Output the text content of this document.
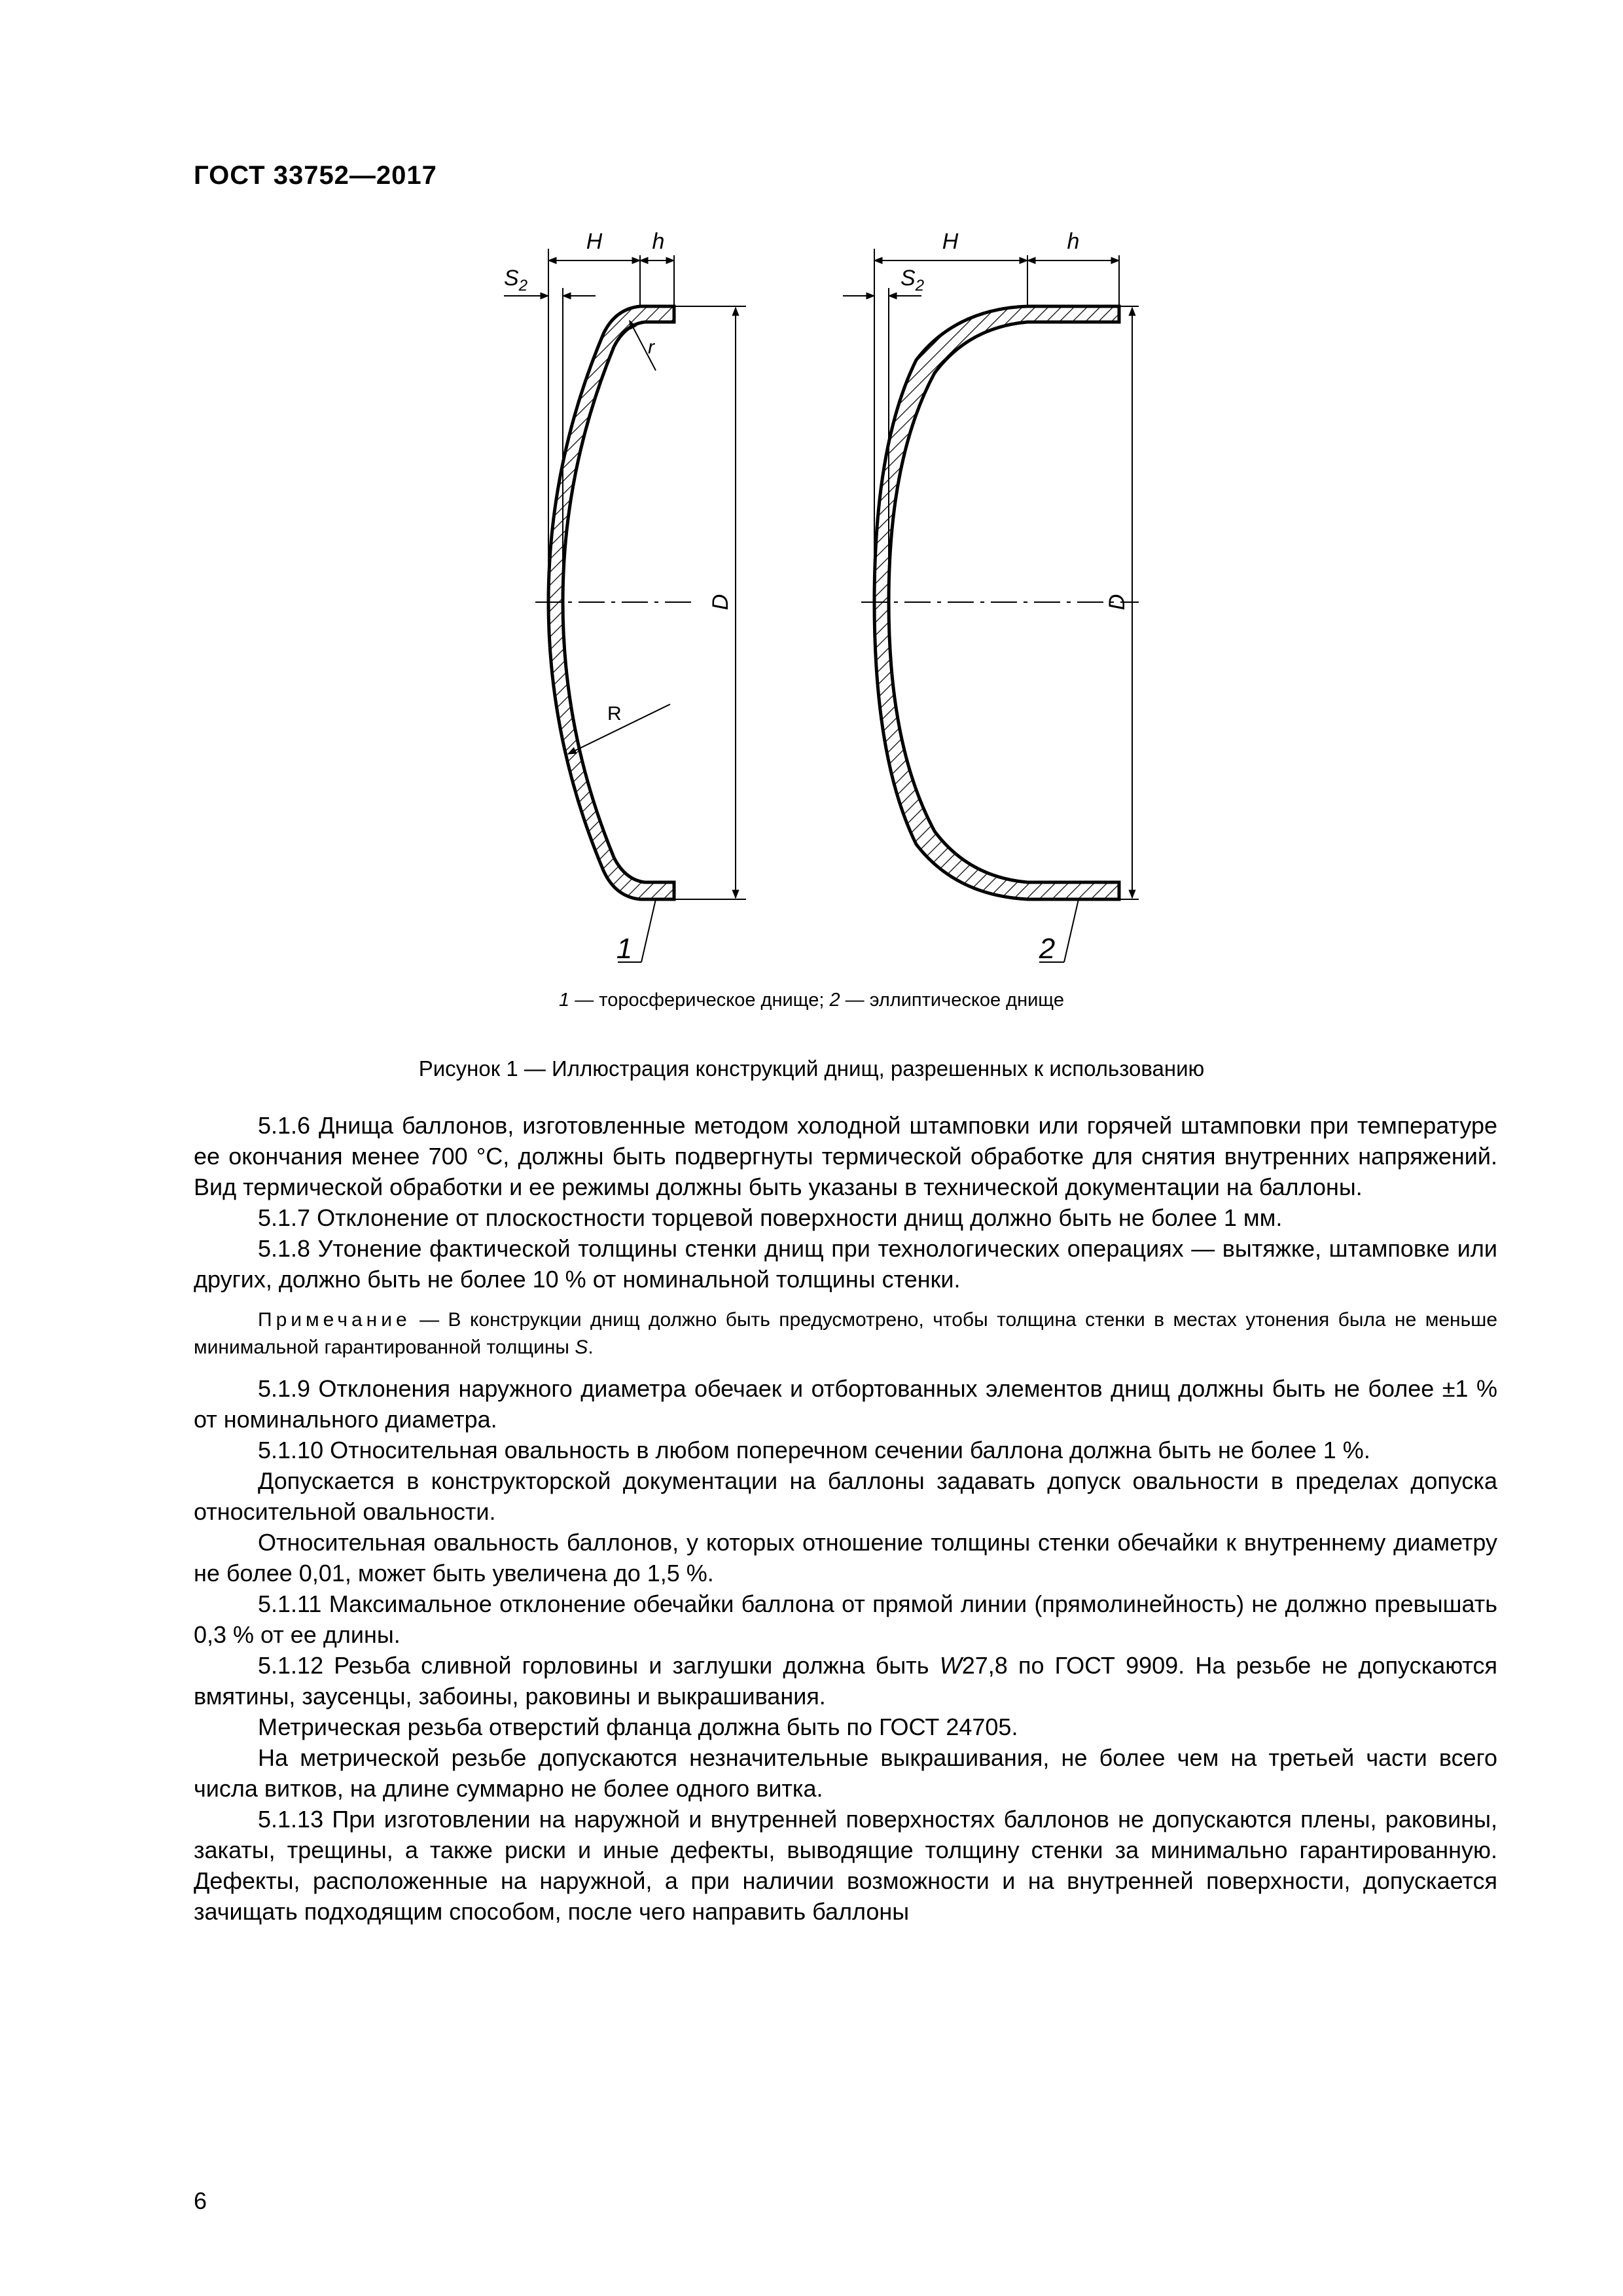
ГОСТ 33752—2017
H h
$S_2$
r
R
D
1
H	h
$S_2$
D
2
1 — торосферическое днище; 2 — эллиптическое днище
Рисунок 1 — Иллюстрация конструкций днищ, разрешенных к использованию

5.1.6 Днища баллонов, изготовленные методом холодной штамповки или горячей штамповки при температуре ее окончания менее 700 °С, должны быть подвергнуты термической обработке для снятия внутренних напряжений. Вид термической обработки и ее режимы должны быть указаны в технической документации на баллоны.

5.1.7 Отклонение от плоскостности торцевой поверхности днищ должно быть не более 1 мм.

5.1.8 Утонение фактической толщины стенки днищ при технологических операциях — вытяжке, штамповке или других, должно быть не более 10 % от номинальной толщины стенки.

Примечание — В конструкции днищ должно быть предусмотрено, чтобы толщина стенки в местах утонения была не меньше минимальной гарантированной толщины S.

5.1.9 Отклонения наружного диаметра обечаек и отбортованных элементов днищ должны быть не более ±1 % от номинального диаметра.

5.1.10 Относительная овальность в любом поперечном сечении баллона должна быть не более 1 %.

Допускается в конструкторской документации на баллоны задавать допуск овальности в пределах допуска относительной овальности.

Относительная овальность баллонов, у которых отношение толщины стенки обечайки к внутреннему диаметру не более 0,01, может быть увеличена до 1,5 %.

5.1.11 Максимальное отклонение обечайки баллона от прямой линии (прямолинейность) не должно превышать 0,3 % от ее длины.

5.1.12 Резьба сливной горловины и заглушки должна быть W27,8 по ГОСТ 9909. На резьбе не допускаются вмятины, заусенцы, забоины, раковины и выкрашивания.

Метрическая резьба отверстий фланца должна быть по ГОСТ 24705.

На метрической резьбе допускаются незначительные выкрашивания, не более чем на третьей части всего числа витков, на длине суммарно не более одного витка.

5.1.13 При изготовлении на наружной и внутренней поверхностях баллонов не допускаются плены, раковины, закаты, трещины, а также риски и иные дефекты, выводящие толщину стенки за минимально гарантированную. Дефекты, расположенные на наружной, а при наличии возможности и на внутренней поверхности, допускается зачищать подходящим способом, после чего направить баллоны

6
